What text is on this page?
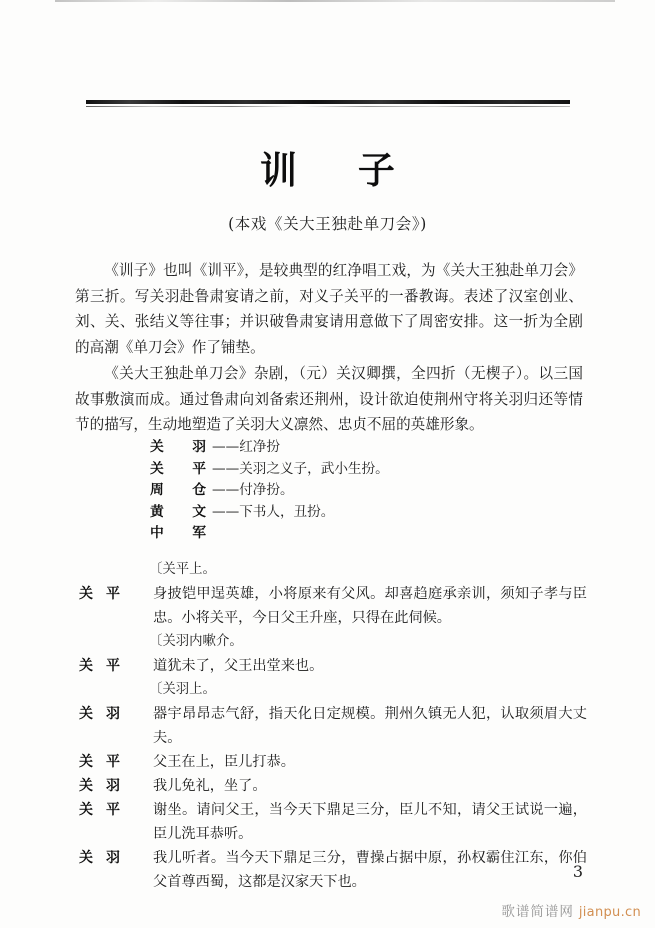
训 子
(本戏《关大王独赴单刀会》)

《训子》也叫《训平》，是较典型的红净唱工戏，为《关大王独赴单刀会》第三折。写关羽赴鲁肃宴请之前，对义子关平的一番教诲。表述了汉室创业、刘、关、张结义等往事；并识破鲁肃宴请用意做下了周密安排。这一折为全剧的高潮《单刀会》作了铺垫。

《关大王独赴单刀会》杂剧，（元）关汉卿撰，全四折（无楔子）。以三国故事敷演而成。通过鲁肃向刘备索还荆州，设计欲迫使荆州守将关羽归还等情节的描写，生动地塑造了关羽大义凛然、忠贞不屈的英雄形象。

关 羽 ——红净扮
关 平 ——关羽之义子，武小生扮。
周 仓 ——付净扮。
黄 文 ——下书人，丑扮。
中 军
〔关平上。
关 平 身披铠甲逞英雄，小将原来有父风。却喜趋庭承亲训，须知子孝与臣忠。小将关平，今日父王升座，只得在此伺候。
〔关羽内嗽介。
关 平 道犹未了，父王出堂来也。
〔关羽上。
关 羽 器宇昂昂志气舒，指天化日定规模。荆州久镇无人犯，认取须眉大丈夫。
关 平 父王在上，臣儿打恭。
关 羽 我儿免礼，坐了。
关 平 谢坐。请问父王，当今天下鼎足三分，臣儿不知，请父王试说一遍，臣儿洗耳恭听。
关 羽 我儿听者。当今天下鼎足三分，曹操占据中原，孙权霸住江东，你伯父首尊西蜀，这都是汉家天下也。
3
歌谱简谱网 jianpu.cn
